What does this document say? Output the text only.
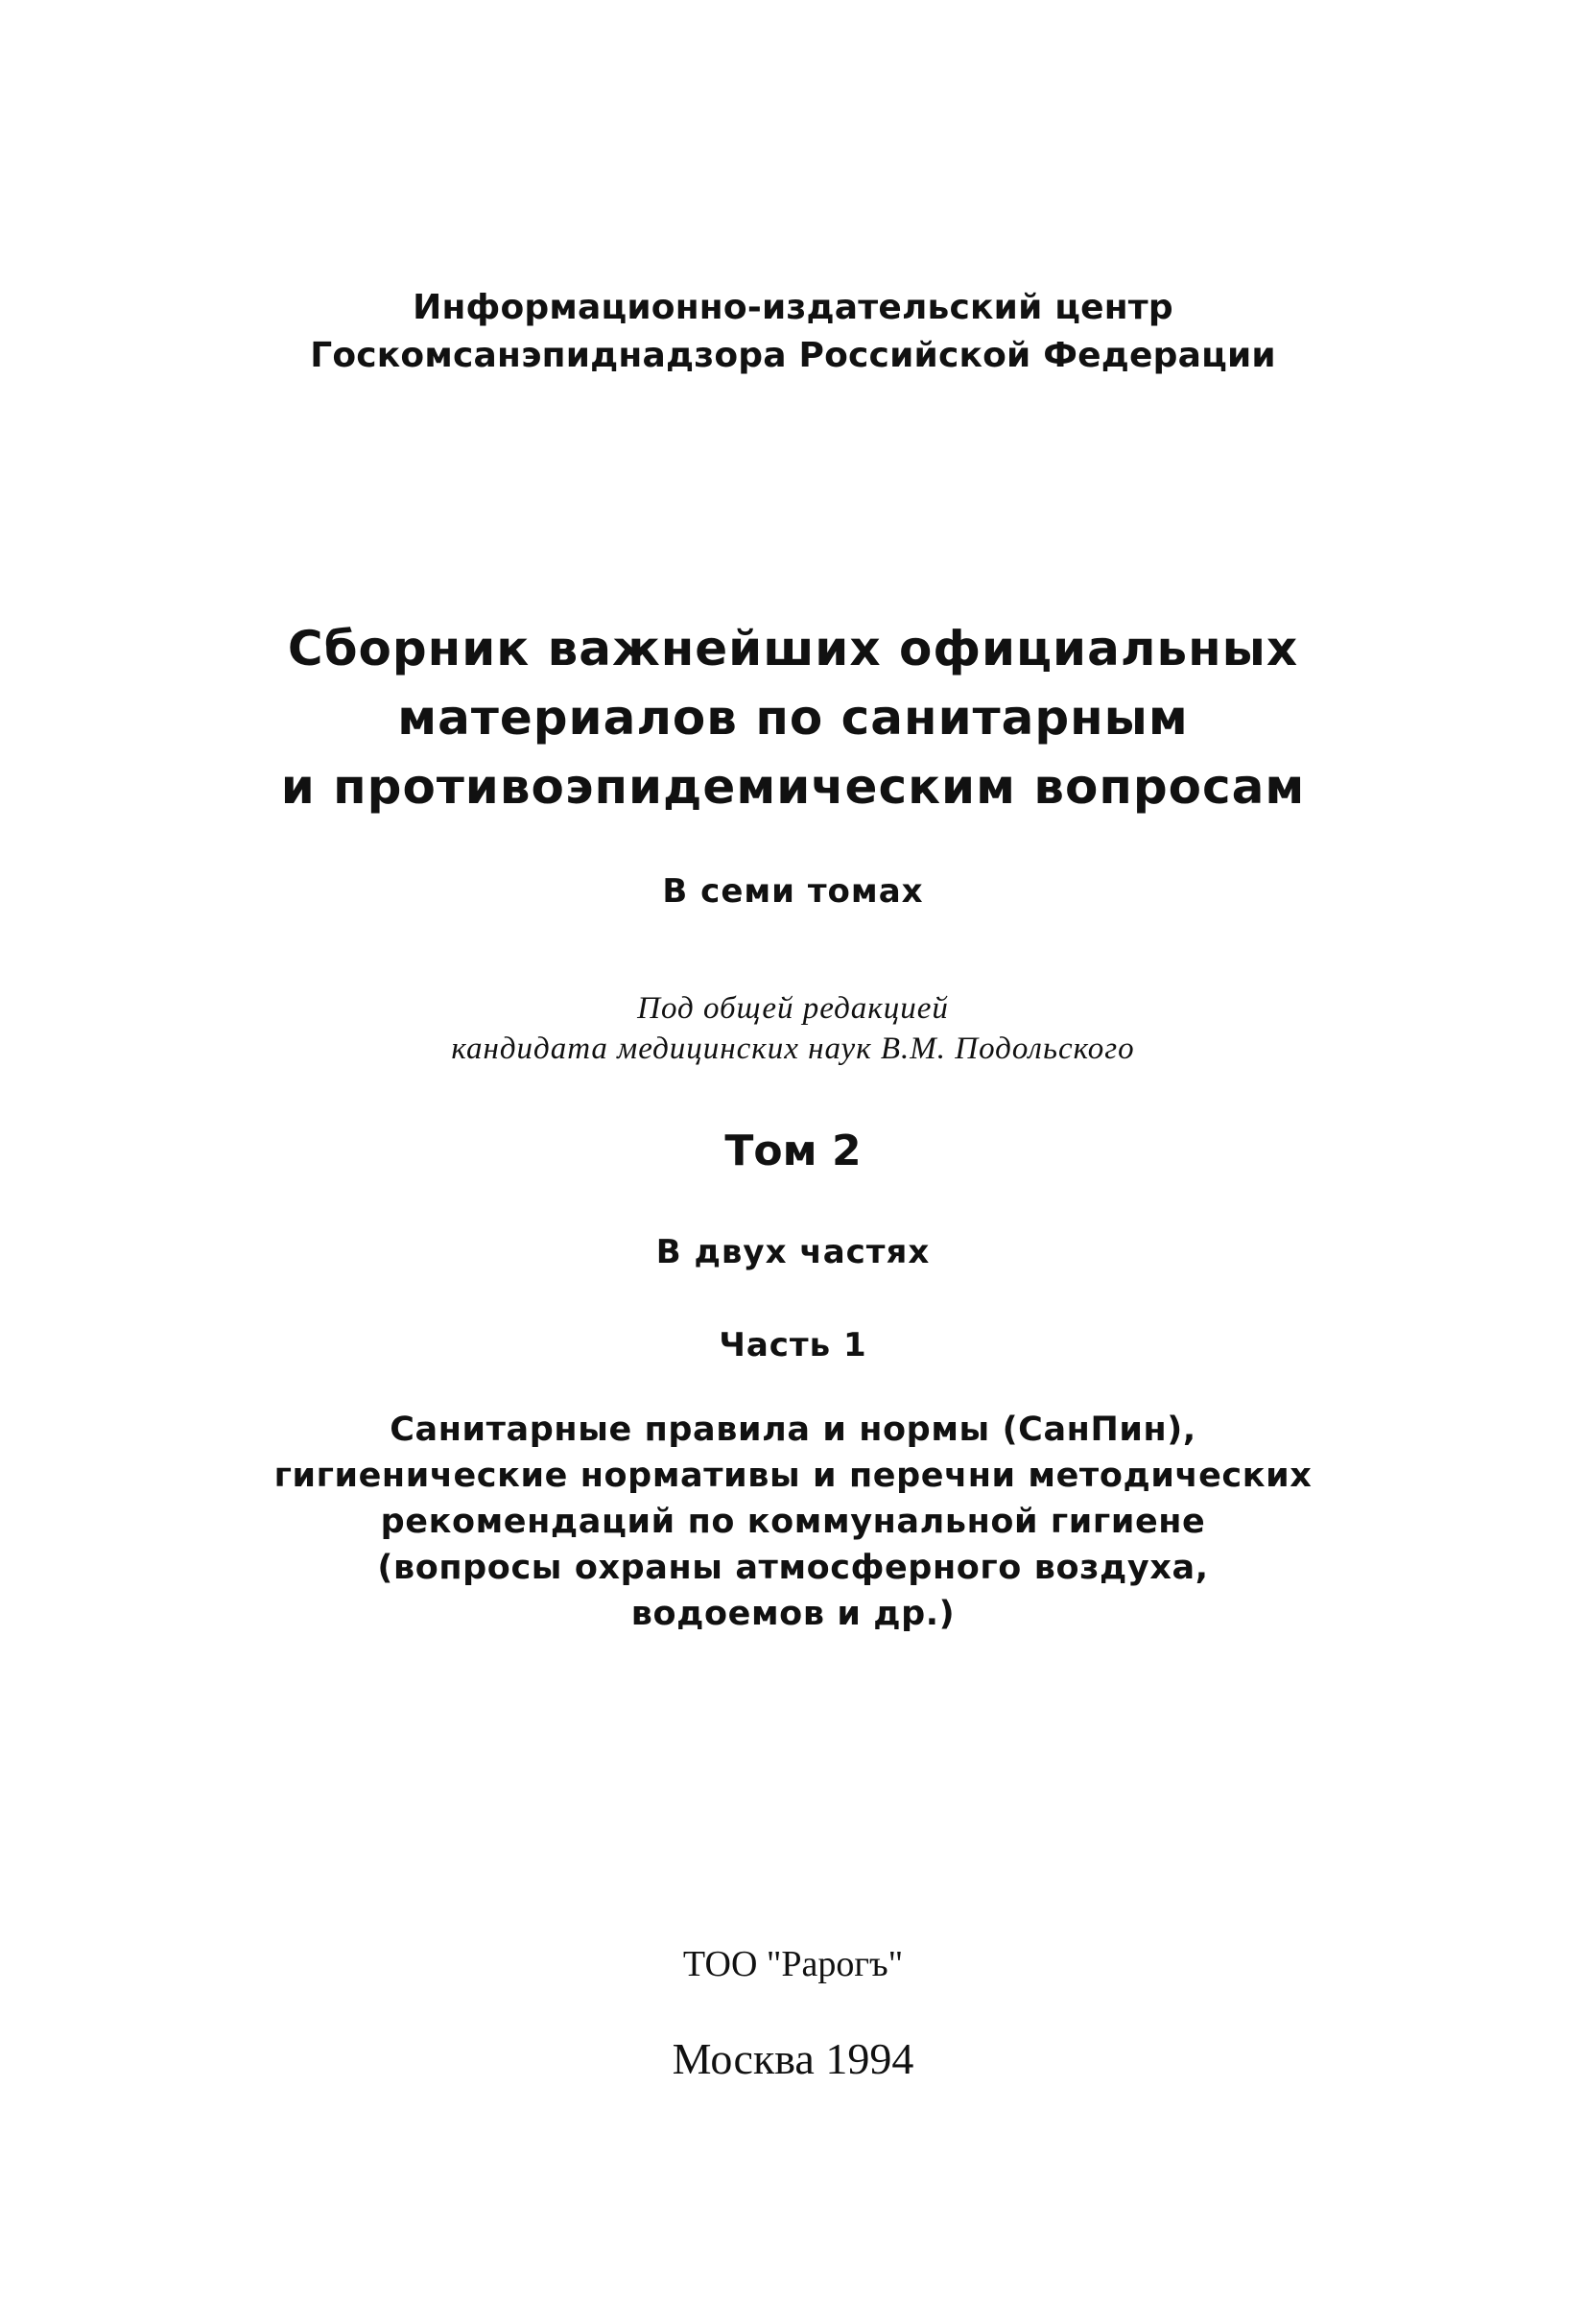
Информационно-издательский центр
Госкомсанэпиднадзора Российской Федерации
Сборник важнейших официальных
материалов по санитарным
и противоэпидемическим вопросам

В семи томах

Под общей редакцией
кандидата медицинских наук В.М. Подольского

Том 2

В двух частях

Часть 1

Санитарные правила и нормы (СанПин),
гигиенические нормативы и перечни методических
рекомендаций по коммунальной гигиене
(вопросы охраны атмосферного воздуха,
водоемов и др.)

ТОО "Рарогъ"

Москва 1994
